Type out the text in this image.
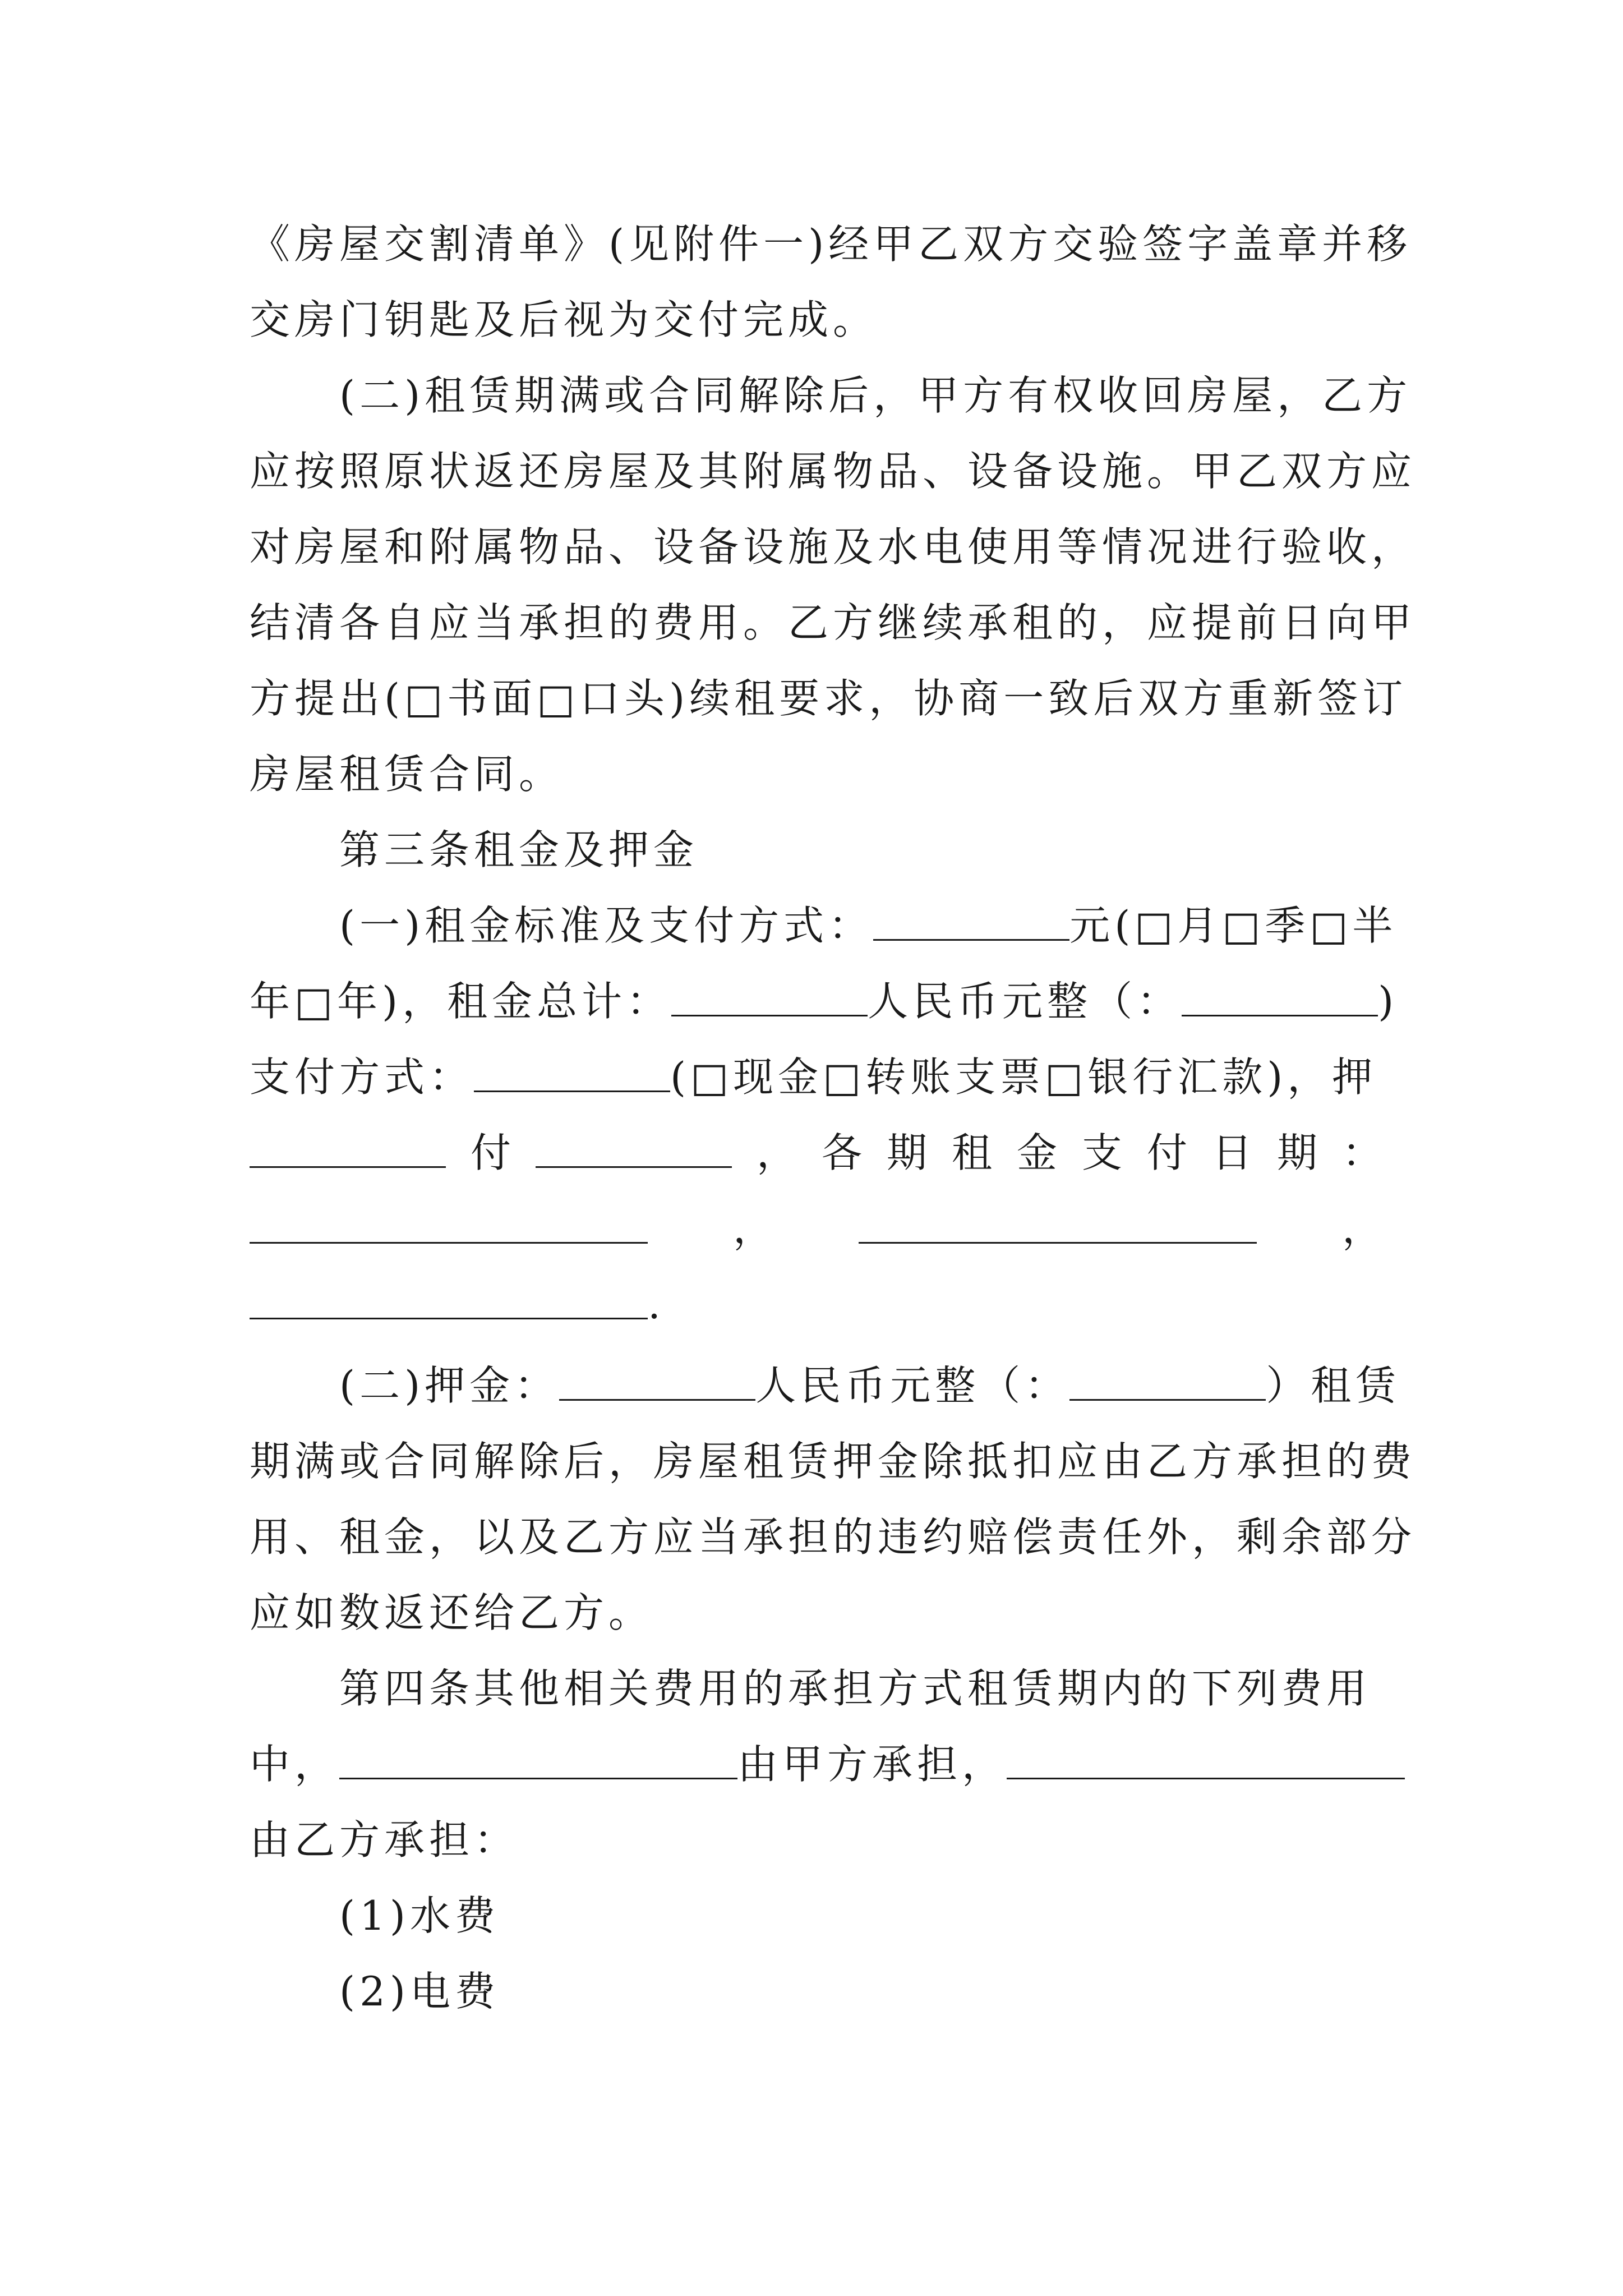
《房屋交割清单》(见附件一)经甲乙双方交验签字盖章并移
交房门钥匙及后视为交付完成。
(二)租赁期满或合同解除后，甲方有权收回房屋，乙方
应按照原状返还房屋及其附属物品、设备设施。甲乙双方应
对房屋和附属物品、设备设施及水电使用等情况进行验收，
结清各自应当承担的费用。乙方继续承租的，应提前日向甲
方提出(□书面□口头)续租要求，协商一致后双方重新签订
房屋租赁合同。
第三条租金及押金
(一)租金标准及支付方式：	元(□月□季□半
年□年)，租金总计：	人民币元整（：	)
支付方式：	(□现金□转账支票□银行汇款)，押
付	， 各 期 租 金 支 付 日 期 ：
，	，
.
(二)押金：	人民币元整（：	）租赁
期满或合同解除后，房屋租赁押金除抵扣应由乙方承担的费
用、租金，以及乙方应当承担的违约赔偿责任外，剩余部分
应如数返还给乙方。
第四条其他相关费用的承担方式租赁期内的下列费用
中，	由甲方承担，
由乙方承担：
(1)水费
(2)电费
